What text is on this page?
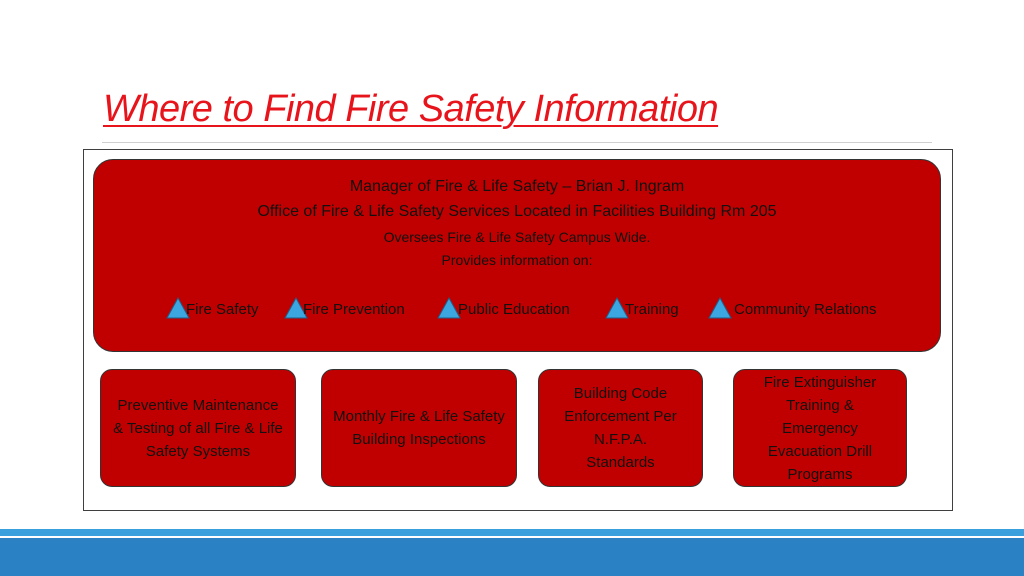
Where to Find Fire Safety Information
Manager of Fire & Life Safety – Brian J. Ingram
Office of Fire & Life Safety Services Located in Facilities Building Rm 205
Oversees Fire & Life Safety Campus Wide.
Provides information on:
Fire Safety	Fire Prevention	Public Education	Training	Community Relations
Preventive Maintenance & Testing of all Fire & Life Safety Systems
Monthly Fire & Life Safety Building Inspections
Building Code Enforcement Per N.F.P.A. Standards
Fire Extinguisher Training & Emergency Evacuation Drill Programs
